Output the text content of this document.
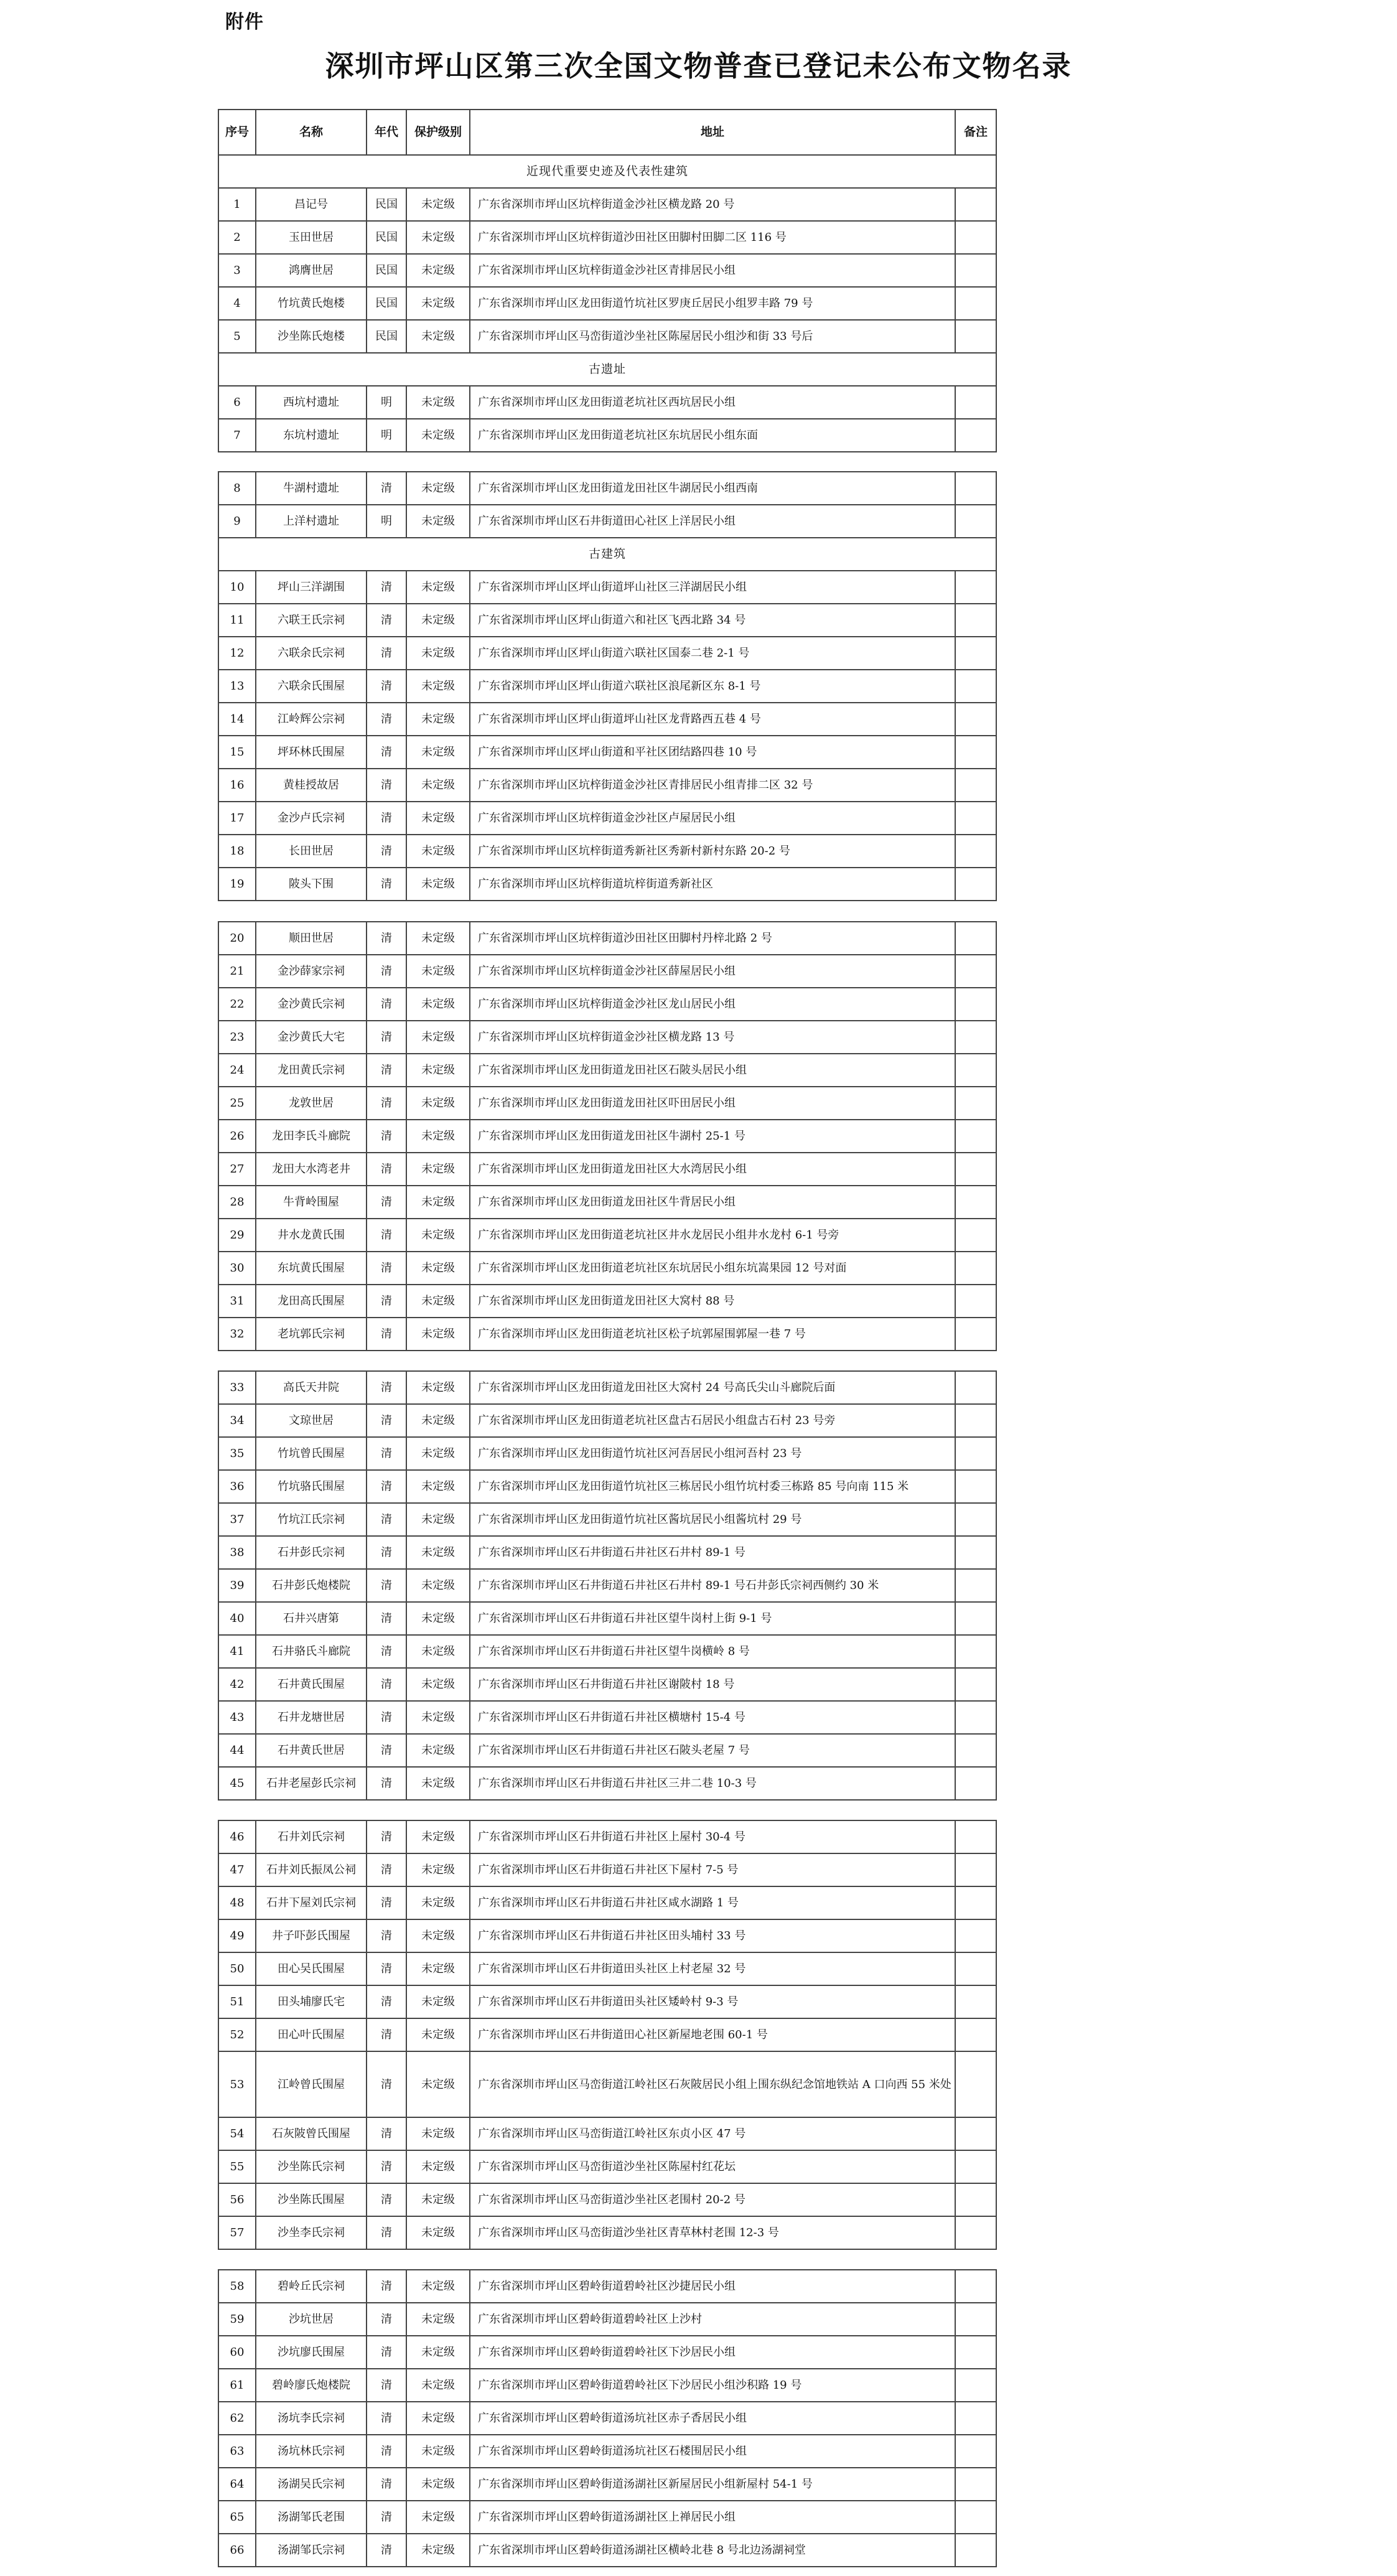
附件
深圳市坪山区第三次全国文物普查已登记未公布文物名录
序号	名称	年代	保护级别	地址	备注
近现代重要史迹及代表性建筑					
1	昌记号	民国	未定级	广东省深圳市坪山区坑梓街道金沙社区横龙路 20 号	
2	玉田世居	民国	未定级	广东省深圳市坪山区坑梓街道沙田社区田脚村田脚二区 116 号	
3	鸿膺世居	民国	未定级	广东省深圳市坪山区坑梓街道金沙社区青排居民小组	
4	竹坑黄氏炮楼	民国	未定级	广东省深圳市坪山区龙田街道竹坑社区罗庚丘居民小组罗丰路 79 号	
5	沙坐陈氏炮楼	民国	未定级	广东省深圳市坪山区马峦街道沙坐社区陈屋居民小组沙和街 33 号后	
古遗址					
6	西坑村遗址	明	未定级	广东省深圳市坪山区龙田街道老坑社区西坑居民小组	
7	东坑村遗址	明	未定级	广东省深圳市坪山区龙田街道老坑社区东坑居民小组东面	
8	牛湖村遗址	清	未定级	广东省深圳市坪山区龙田街道龙田社区牛湖居民小组西南	
9	上洋村遗址	明	未定级	广东省深圳市坪山区石井街道田心社区上洋居民小组	
古建筑					
10	坪山三洋湖围	清	未定级	广东省深圳市坪山区坪山街道坪山社区三洋湖居民小组	
11	六联王氏宗祠	清	未定级	广东省深圳市坪山区坪山街道六和社区飞西北路 34 号	
12	六联余氏宗祠	清	未定级	广东省深圳市坪山区坪山街道六联社区国泰二巷 2-1 号	
13	六联余氏围屋	清	未定级	广东省深圳市坪山区坪山街道六联社区浪尾新区东 8-1 号	
14	江岭辉公宗祠	清	未定级	广东省深圳市坪山区坪山街道坪山社区龙背路西五巷 4 号	
15	坪环林氏围屋	清	未定级	广东省深圳市坪山区坪山街道和平社区团结路四巷 10 号	
16	黄桂授故居	清	未定级	广东省深圳市坪山区坑梓街道金沙社区青排居民小组青排二区 32 号	
17	金沙卢氏宗祠	清	未定级	广东省深圳市坪山区坑梓街道金沙社区卢屋居民小组	
18	长田世居	清	未定级	广东省深圳市坪山区坑梓街道秀新社区秀新村新村东路 20-2 号	
19	陂头下围	清	未定级	广东省深圳市坪山区坑梓街道坑梓街道秀新社区	
20	顺田世居	清	未定级	广东省深圳市坪山区坑梓街道沙田社区田脚村丹梓北路 2 号	
21	金沙薛家宗祠	清	未定级	广东省深圳市坪山区坑梓街道金沙社区薛屋居民小组	
22	金沙黄氏宗祠	清	未定级	广东省深圳市坪山区坑梓街道金沙社区龙山居民小组	
23	金沙黄氏大宅	清	未定级	广东省深圳市坪山区坑梓街道金沙社区横龙路 13 号	
24	龙田黄氏宗祠	清	未定级	广东省深圳市坪山区龙田街道龙田社区石陂头居民小组	
25	龙敦世居	清	未定级	广东省深圳市坪山区龙田街道龙田社区吓田居民小组	
26	龙田李氏斗廊院	清	未定级	广东省深圳市坪山区龙田街道龙田社区牛湖村 25-1 号	
27	龙田大水湾老井	清	未定级	广东省深圳市坪山区龙田街道龙田社区大水湾居民小组	
28	牛背岭围屋	清	未定级	广东省深圳市坪山区龙田街道龙田社区牛背居民小组	
29	井水龙黄氏围	清	未定级	广东省深圳市坪山区龙田街道老坑社区井水龙居民小组井水龙村 6-1 号旁	
30	东坑黄氏围屋	清	未定级	广东省深圳市坪山区龙田街道老坑社区东坑居民小组东坑嵩果园 12 号对面	
31	龙田高氏围屋	清	未定级	广东省深圳市坪山区龙田街道龙田社区大窝村 88 号	
32	老坑郭氏宗祠	清	未定级	广东省深圳市坪山区龙田街道老坑社区松子坑郭屋围郭屋一巷 7 号	
33	高氏天井院	清	未定级	广东省深圳市坪山区龙田街道龙田社区大窝村 24 号高氏尖山斗廊院后面	
34	文琼世居	清	未定级	广东省深圳市坪山区龙田街道老坑社区盘古石居民小组盘古石村 23 号旁	
35	竹坑曾氏围屋	清	未定级	广东省深圳市坪山区龙田街道竹坑社区河吾居民小组河吾村 23 号	
36	竹坑骆氏围屋	清	未定级	广东省深圳市坪山区龙田街道竹坑社区三栋居民小组竹坑村委三栋路 85 号向南 115 米	
37	竹坑江氏宗祠	清	未定级	广东省深圳市坪山区龙田街道竹坑社区酱坑居民小组酱坑村 29 号	
38	石井彭氏宗祠	清	未定级	广东省深圳市坪山区石井街道石井社区石井村 89-1 号	
39	石井彭氏炮楼院	清	未定级	广东省深圳市坪山区石井街道石井社区石井村 89-1 号石井彭氏宗祠西侧约 30 米	
40	石井兴唐第	清	未定级	广东省深圳市坪山区石井街道石井社区望牛岗村上街 9-1 号	
41	石井骆氏斗廊院	清	未定级	广东省深圳市坪山区石井街道石井社区望牛岗横岭 8 号	
42	石井黄氏围屋	清	未定级	广东省深圳市坪山区石井街道石井社区谢陂村 18 号	
43	石井龙塘世居	清	未定级	广东省深圳市坪山区石井街道石井社区横塘村 15-4 号	
44	石井黄氏世居	清	未定级	广东省深圳市坪山区石井街道石井社区石陂头老屋 7 号	
45	石井老屋彭氏宗祠	清	未定级	广东省深圳市坪山区石井街道石井社区三井二巷 10-3 号	
46	石井刘氏宗祠	清	未定级	广东省深圳市坪山区石井街道石井社区上屋村 30-4 号	
47	石井刘氏振凤公祠	清	未定级	广东省深圳市坪山区石井街道石井社区下屋村 7-5 号	
48	石井下屋刘氏宗祠	清	未定级	广东省深圳市坪山区石井街道石井社区咸水湖路 1 号	
49	井子吓彭氏围屋	清	未定级	广东省深圳市坪山区石井街道石井社区田头埔村 33 号	
50	田心吴氏围屋	清	未定级	广东省深圳市坪山区石井街道田头社区上村老屋 32 号	
51	田头埔廖氏宅	清	未定级	广东省深圳市坪山区石井街道田头社区矮岭村 9-3 号	
52	田心叶氏围屋	清	未定级	广东省深圳市坪山区石井街道田心社区新屋地老围 60-1 号	
53	江岭曾氏围屋	清	未定级	广东省深圳市坪山区马峦街道江岭社区石灰陂居民小组上围东纵纪念馆地铁站 A 口向西 55 米处	
54	石灰陂曾氏围屋	清	未定级	广东省深圳市坪山区马峦街道江岭社区东贞小区 47 号	
55	沙坐陈氏宗祠	清	未定级	广东省深圳市坪山区马峦街道沙坐社区陈屋村红花坛	
56	沙坐陈氏围屋	清	未定级	广东省深圳市坪山区马峦街道沙坐社区老围村 20-2 号	
57	沙坐李氏宗祠	清	未定级	广东省深圳市坪山区马峦街道沙坐社区青草林村老围 12-3 号	
58	碧岭丘氏宗祠	清	未定级	广东省深圳市坪山区碧岭街道碧岭社区沙捷居民小组	
59	沙坑世居	清	未定级	广东省深圳市坪山区碧岭街道碧岭社区上沙村	
60	沙坑廖氏围屋	清	未定级	广东省深圳市坪山区碧岭街道碧岭社区下沙居民小组	
61	碧岭廖氏炮楼院	清	未定级	广东省深圳市坪山区碧岭街道碧岭社区下沙居民小组沙积路 19 号	
62	汤坑李氏宗祠	清	未定级	广东省深圳市坪山区碧岭街道汤坑社区赤子香居民小组	
63	汤坑林氏宗祠	清	未定级	广东省深圳市坪山区碧岭街道汤坑社区石楼围居民小组	
64	汤湖吴氏宗祠	清	未定级	广东省深圳市坪山区碧岭街道汤湖社区新屋居民小组新屋村 54-1 号	
65	汤湖邹氏老围	清	未定级	广东省深圳市坪山区碧岭街道汤湖社区上禅居民小组	
66	汤湖邹氏宗祠	清	未定级	广东省深圳市坪山区碧岭街道汤湖社区横岭北巷 8 号北边汤湖祠堂	
